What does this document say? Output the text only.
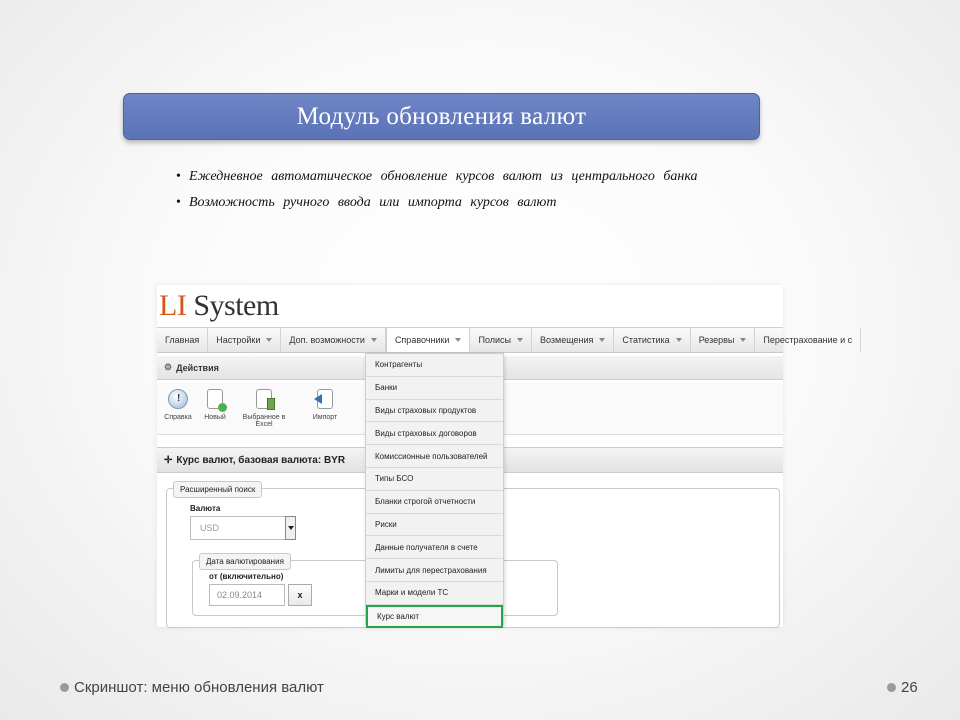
Модуль обновления валют
• Ежедневное автоматическое обновление курсов валют из центрального банка
• Возможность ручного ввода или импорта курсов валют
LI System
Главная Настройки	Доп. возможности	Справочники	Полисы	Возмещения	Статистика	Резервы	Перестрахование и с
⚙ Действия
!
Справка Новый	Выбранное в Excel
Импорт
✛ Курс валют, базовая валюта: BYR
Расширенный поиск
Валюта
USD
Дата валютирования
от (включительно)
02.09.2014	x
Контрагенты
Банки
Виды страховых продуктов
Виды страховых договоров
Комиссионные пользователей
Типы БСО
Бланки строгой отчетности
Риски
Данные получателя в счете
Лимиты для перестрахования
Марки и модели ТС
Курс валют
Скриншот: меню обновления валют	26
